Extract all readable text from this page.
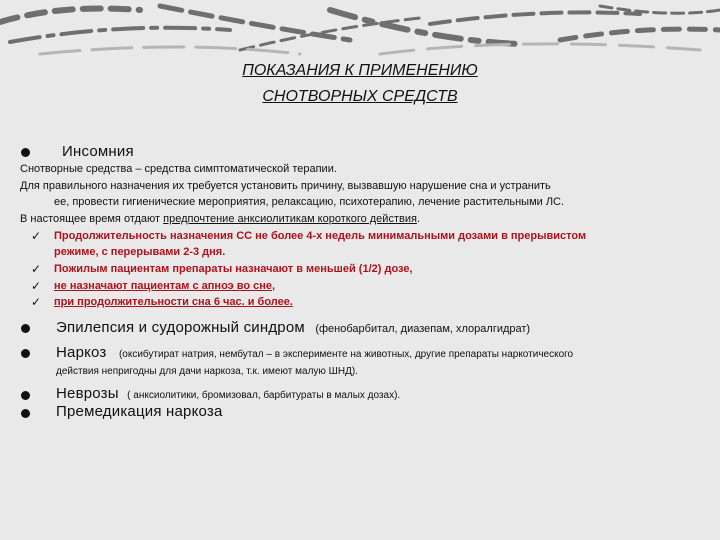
ПОКАЗАНИЯ К ПРИМЕНЕНИЮ
СНОТВОРНЫХ СРЕДСТВ
Инсомния
Снотворные средства – средства симптоматической терапии.
Для правильного назначения их требуется установить причину, вызвавшую нарушение сна и устранить
ее, провести гигиенические мероприятия, релаксацию, психотерапию, лечение растительными ЛС.
В настоящее время отдают предпочтение анксиолитикам короткого действия.
✓ Продолжительность назначения СС не более 4-х недель минимальными дозами в прерывистом
режиме, с перерывами 2-3 дня.
✓ Пожилым пациентам препараты назначают в меньшей (1/2) дозе,
✓ не назначают пациентам с апноэ во сне,
✓ при продолжительности сна 6 час. и более.
Эпилепсия и судорожный синдром (фенобарбитал, диазепам, хлоралгидрат)
Наркоз (оксибутират натрия, нембутал – в эксперименте на животных, другие препараты наркотического
действия непригодны для дачи наркоза, т.к. имеют малую ШНД).
Неврозы ( анксиолитики, бромизовал, барбитураты в малых дозах).
Премедикация наркоза
